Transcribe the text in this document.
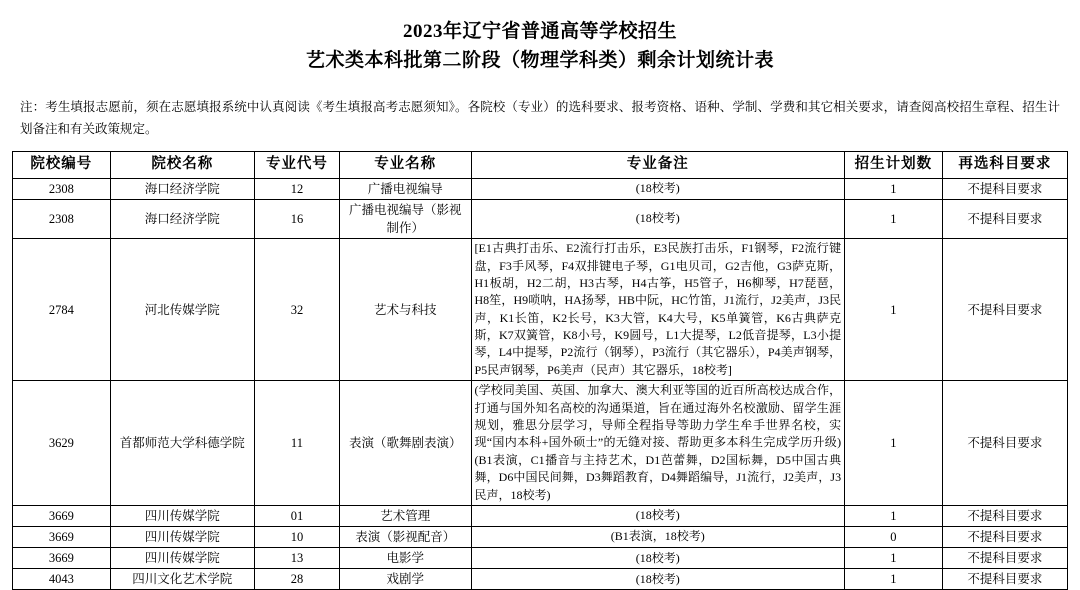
2023年辽宁省普通高等学校招生
艺术类本科批第二阶段（物理学科类）剩余计划统计表
注：考生填报志愿前，须在志愿填报系统中认真阅读《考生填报高考志愿须知》。各院校（专业）的选科要求、报考资格、语种、学制、学费和其它相关要求，请查阅高校招生章程、招生计划备注和有关政策规定。
院校编号	院校名称	专业代号	专业名称	专业备注	招生计划数	再选科目要求
2308	海口经济学院	12	广播电视编导	(18校考)	1	不提科目要求
2308	海口经济学院	16	广播电视编导（影视制作）	(18校考)	1	不提科目要求
2784	河北传媒学院	32	艺术与科技	[E1古典打击乐、E2流行打击乐，E3民族打击乐，F1钢琴，F2流行键盘，F3手风琴，F4双排键电子琴，G1电贝司，G2吉他，G3萨克斯，H1板胡，H2二胡，H3古琴，H4古筝，H5管子，H6柳琴，H7琵琶，H8笙，H9唢呐，HA扬琴，HB中阮，HC竹笛，J1流行，J2美声，J3民声，K1长笛，K2长号，K3大管，K4大号，K5单簧管，K6古典萨克斯，K7双簧管，K8小号，K9圆号，L1大提琴，L2低音提琴，L3小提琴，L4中提琴，P2流行（钢琴），P3流行（其它器乐），P4美声钢琴，P5民声钢琴，P6美声（民声）其它器乐，18校考]	1	不提科目要求
3629	首都师范大学科德学院	11	表演（歌舞剧表演）	(学校同美国、英国、加拿大、澳大利亚等国的近百所高校达成合作，打通与国外知名高校的沟通渠道，旨在通过海外名校激励、留学生涯规划，雅思分层学习，导师全程指导等助力学生牟手世界名校，实现“国内本科+国外硕士”的无缝对接、帮助更多本科生完成学历升级)(B1表演，C1播音与主持艺术，D1芭蕾舞，D2国标舞，D5中国古典舞，D6中国民间舞，D3舞蹈教育，D4舞蹈编导，J1流行，J2美声，J3民声，18校考)	1	不提科目要求
3669	四川传媒学院	01	艺术管理	(18校考)	1	不提科目要求
3669	四川传媒学院	10	表演（影视配音）	(B1表演，18校考)	0	不提科目要求
3669	四川传媒学院	13	电影学	(18校考)	1	不提科目要求
4043	四川文化艺术学院	28	戏剧学	(18校考)	1	不提科目要求
